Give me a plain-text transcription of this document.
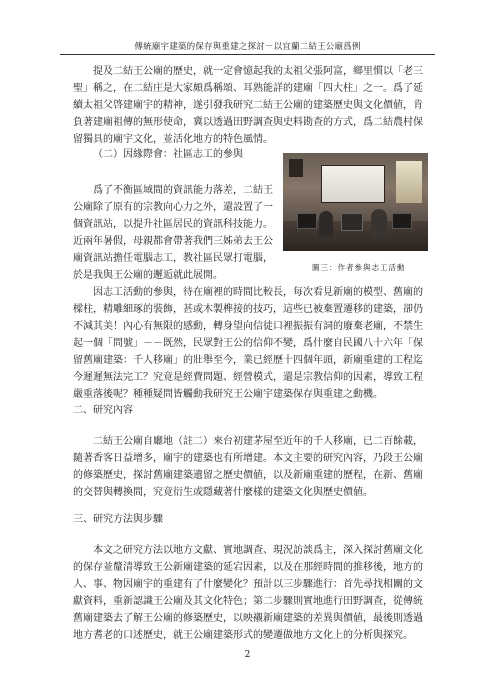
傳統廟宇建築的保存與重建之探討－以宜蘭二結王公廟爲例

提及二結王公廟的歷史，就一定會憶起我的太祖父張阿富，鄉里慣以「老三聖」稱之，在二結庄是大家頗爲稱頌、耳熟能詳的建廟「四大柱」之一。爲了延續太祖父啓建廟宇的精神，遂引發我研究二結王公廟的建築歷史與文化價値，肯負著建廟祖傳的無形使命，冀以透過田野調查與史料勘查的方式，爲二結農村保留獨具的廟宇文化，並活化地方的特色風情。

（二）因緣際會：社區志工的參與

爲了不衡區域間的資訊能力落差，二結王公廟除了原有的宗教向心力之外，還設置了一個資訊站，以提升社區居民的資訊科技能力。近兩年暑假，母親都會帶著我們三姊弟去王公廟資訊站擔任電腦志工，教社區民眾打電腦，於是我與王公廟的邂逅就此展開。

圖三：作者參與志工活動

因志工活動的參與，待在廟裡的時間比較長，每次看見新廟的模型、舊廟的樑柱，精雕細琢的裝飾，甚或木製榫接的技巧，這些已被棄置遷移的建築，卻仍不減其美！內心有無限的感動，轉身望向信徒口裡振振有詞的廢棄老廟，不禁生起一個「問號」－－既然，民眾對王公的信仰不變，爲什麼自民國八十六年「保留舊廟建築：千人移廟」的壯舉至今，業已經歷十四個年頭，新廟重建的工程迄今遲遲無法完工？究竟是經費問題、經營模式，還是宗教信仰的因素，導致工程嚴重落後呢？種種疑問皆觸動我研究王公廟宇建築保存與重建之動機。

二、研究內容

二結王公廟自廳地（註二）來台初建茅屋至近年的千人移廟，已二百餘載，隨著香客日益增多，廟宇的建築也有所增建。本文主要的研究內容，乃段王公廟的修築歷史，探討舊廟建築遺留之歷史價値，以及新廟重建的歷程，在新、舊廟的交替與轉換間，究竟衍生或隱藏著什麼樣的建築文化與歷史價値。

三、研究方法與步驟

本文之研究方法以地方文獻、實地調查、現況訪談爲主，深入探討舊廟文化的保存並釐清導致王公新廟建築的延宕因素，以及在那經時間的推移後，地方的人、事、物因廟宇的重建有了什麼變化？預計以三步驟進行：首先尋找相關的文獻資料，重新認識王公廟及其文化特色；第二步驟則實地進行田野調查，從傳統舊廟建築去了解王公廟的修築歷史，以映襯新廟建築的差異與價値，最後則透過地方耆老的口述歷史，就王公廟建築形式的變遷做地方文化上的分析與探究。

2
